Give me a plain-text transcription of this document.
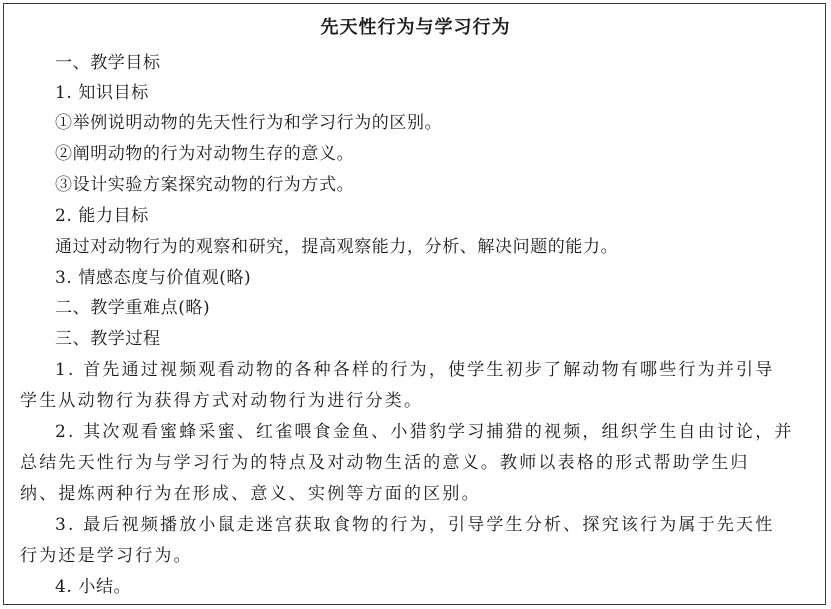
先天性行为与学习行为
一、教学目标
1. 知识目标
①举例说明动物的先天性行为和学习行为的区别。
②阐明动物的行为对动物生存的意义。
③设计实验方案探究动物的行为方式。
2. 能力目标
通过对动物行为的观察和研究，提高观察能力，分析、解决问题的能力。
3. 情感态度与价值观(略)
二、教学重难点(略)
三、教学过程
1. 首先通过视频观看动物的各种各样的行为，使学生初步了解动物有哪些行为并引导
学生从动物行为获得方式对动物行为进行分类。
2. 其次观看蜜蜂采蜜、红雀喂食金鱼、小猎豹学习捕猎的视频，组织学生自由讨论，并
总结先天性行为与学习行为的特点及对动物生活的意义。教师以表格的形式帮助学生归
纳、提炼两种行为在形成、意义、实例等方面的区别。
3. 最后视频播放小鼠走迷宫获取食物的行为，引导学生分析、探究该行为属于先天性
行为还是学习行为。
4. 小结。
